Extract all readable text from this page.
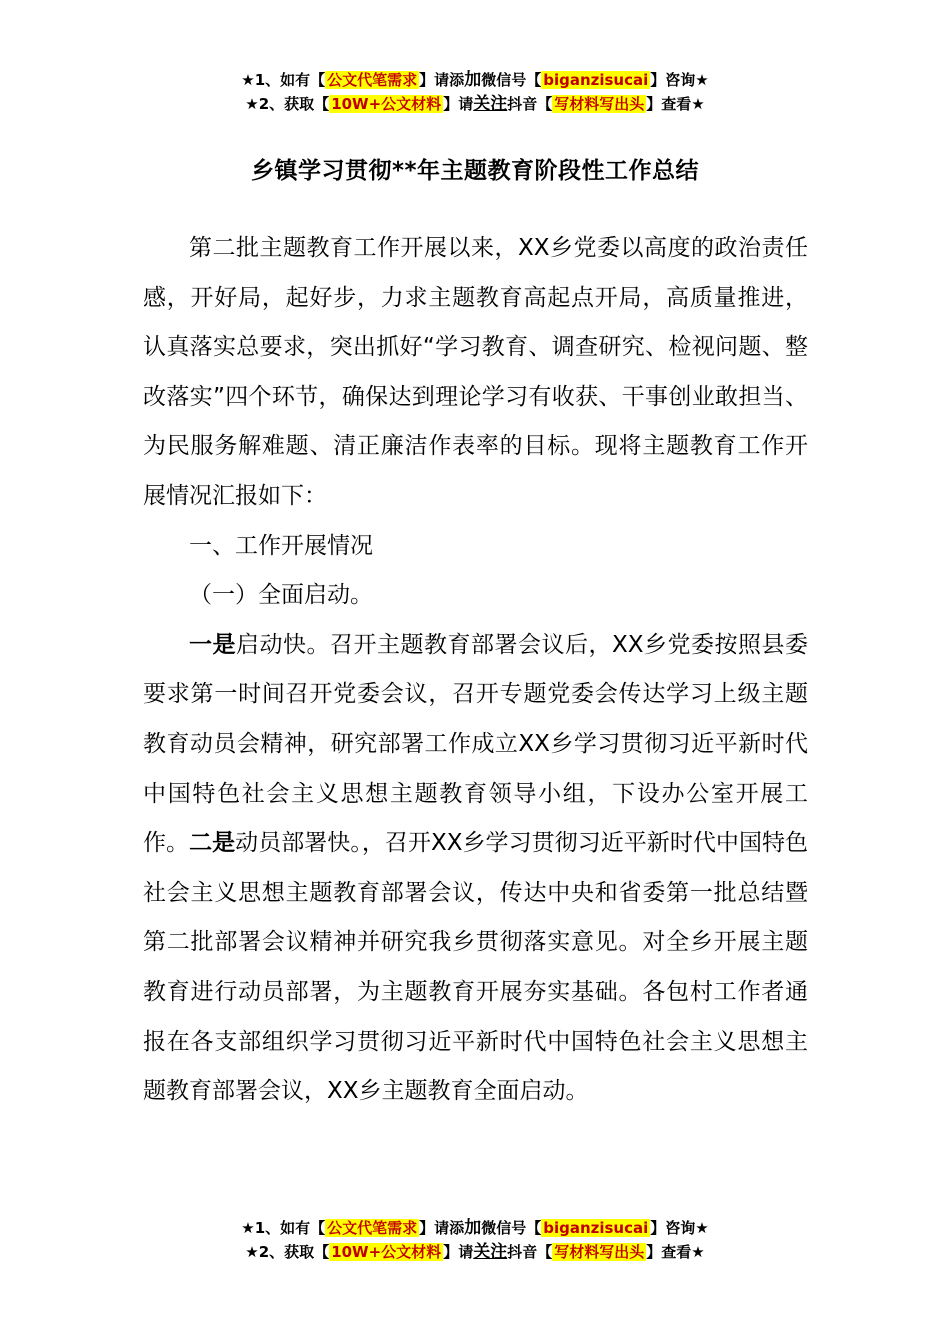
★1、如有【 公文代笔需求 】请添加微信号【 biganzisucai 】咨询★
★2、获取【 10W+公文材料 】请关注抖音【 写材料写出头 】查看★
乡镇学习贯彻**年主题教育阶段性工作总结

第二批主题教育工作开展以来，XX乡党委以高度的政治责任感，开好局，起好步，力求主题教育高起点开局，高质量推进，认真落实总要求，突出抓好“学习教育、调查研究、检视问题、整改落实”四个环节，确保达到理论学习有收获、干事创业敢担当、为民服务解难题、清正廉洁作表率的目标。现将主题教育工作开展情况汇报如下：

一、工作开展情况

（一）全面启动。

一是启动快。召开主题教育部署会议后，XX乡党委按照县委要求第一时间召开党委会议，召开专题党委会传达学习上级主题教育动员会精神，研究部署工作成立XX乡学习贯彻习近平新时代中国特色社会主义思想主题教育领导小组，下设办公室开展工作。二是动员部署快。，召开XX乡学习贯彻习近平新时代中国特色社会主义思想主题教育部署会议，传达中央和省委第一批总结暨第二批部署会议精神并研究我乡贯彻落实意见。对全乡开展主题教育进行动员部署，为主题教育开展夯实基础。各包村工作者通报在各支部组织学习贯彻习近平新时代中国特色社会主义思想主题教育部署会议，XX乡主题教育全面启动。

★1、如有【 公文代笔需求 】请添加微信号【 biganzisucai 】咨询★
★2、获取【 10W+公文材料 】请关注抖音【 写材料写出头 】查看★
